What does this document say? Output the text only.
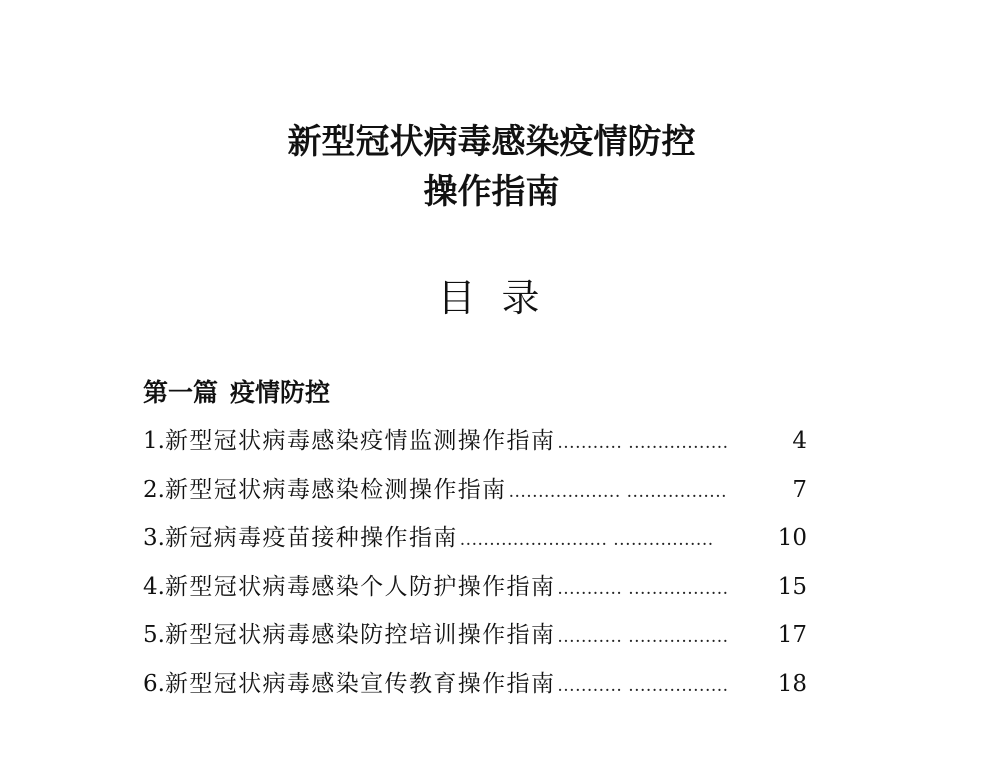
新型冠状病毒感染疫情防控
操作指南
目录
第一篇 疫情防控
1. 新型冠状病毒感染疫情监测操作指南 ........... .................	4
2. 新型冠状病毒感染检测操作指南 ................... .................	7
3. 新冠病毒疫苗接种操作指南 ......................... .................	10
4. 新型冠状病毒感染个人防护操作指南 ........... .................	15
5. 新型冠状病毒感染防控培训操作指南 ........... .................	17
6. 新型冠状病毒感染宣传教育操作指南 ........... .................	18
